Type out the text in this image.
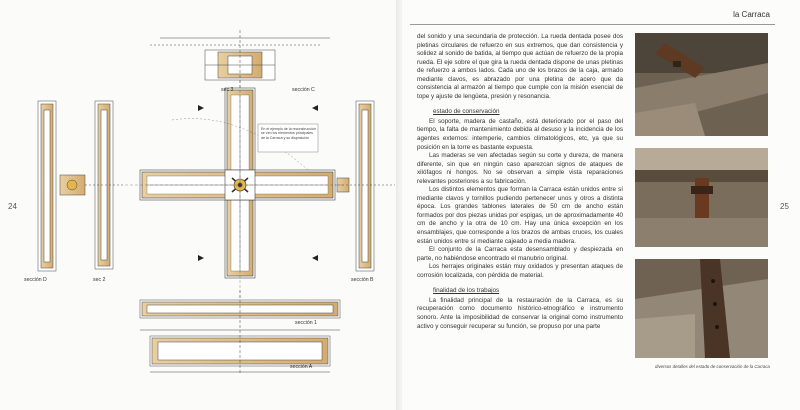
En el ejemplo de la reconstrucción se ven los elementos principales de la Carraca y su disposición
sección C
sec 3
sección D	sec 2	sección B
sección 1
sección A
24
la Carraca

del sonido y una secundaria de protección. La rueda dentada posee dos pletinas circulares de refuerzo en sus extremos, que dan consistencia y solidez al sonido de batida, al tiempo que actúan de refuerzo de la propia rueda. El eje sobre el que gira la rueda dentada dispone de unas pletinas de refuerzo a ambos lados. Cada uno de los brazos de la caja, armado mediante clavos, es abrazado por una pletina de acero que da consistencia al armazón al tiempo que cumple con la misión esencial de tope y ajuste de lengüeta, presión y resonancia.

estado de conservación

El soporte, madera de castaño, está deteriorado por el paso del tiempo, la falta de mantenimiento debida al desuso y la incidencia de los agentes externos: intemperie, cambios climatológicos, etc, ya que su posición en la torre es bastante expuesta.

Las maderas se ven afectadas según su corte y dureza, de manera diferente, sin que en ningún caso aparezcan signos de ataques de xilófagos ni hongos. No se observan a simple vista reparaciones relevantes posteriores a su fabricación.

Los distintos elementos que forman la Carraca están unidos entre sí mediante clavos y tornillos pudiendo pertenecer unos y otros a distinta época. Los grandes tablones laterales de 50 cm de ancho están formados por dos piezas unidas por espigas, un de aproximadamente 40 cm de ancho y la otra de 10 cm. Hay una única excepción en los ensamblajes, que corresponde a los brazos de ambas cruces, los cuales están unidos entre sí mediante cajeado a media madera.

El conjunto de la Carraca esta desensamblado y despiezada en parte, no habiéndose encontrado el manubrio original.

Los herrajes originales están muy oxidados y presentan ataques de corrosión localizada, con pérdida de material.

finalidad de los trabajos

La finalidad principal de la restauración de la Carraca, es su recuperación como documento histórico-etnográfico e instrumento sonoro. Ante la imposibilidad de conservar la original como instrumento activo y conseguir recuperar su función, se propuso por una parte

diversos detalles del estado de conservación de la Carraca
25
